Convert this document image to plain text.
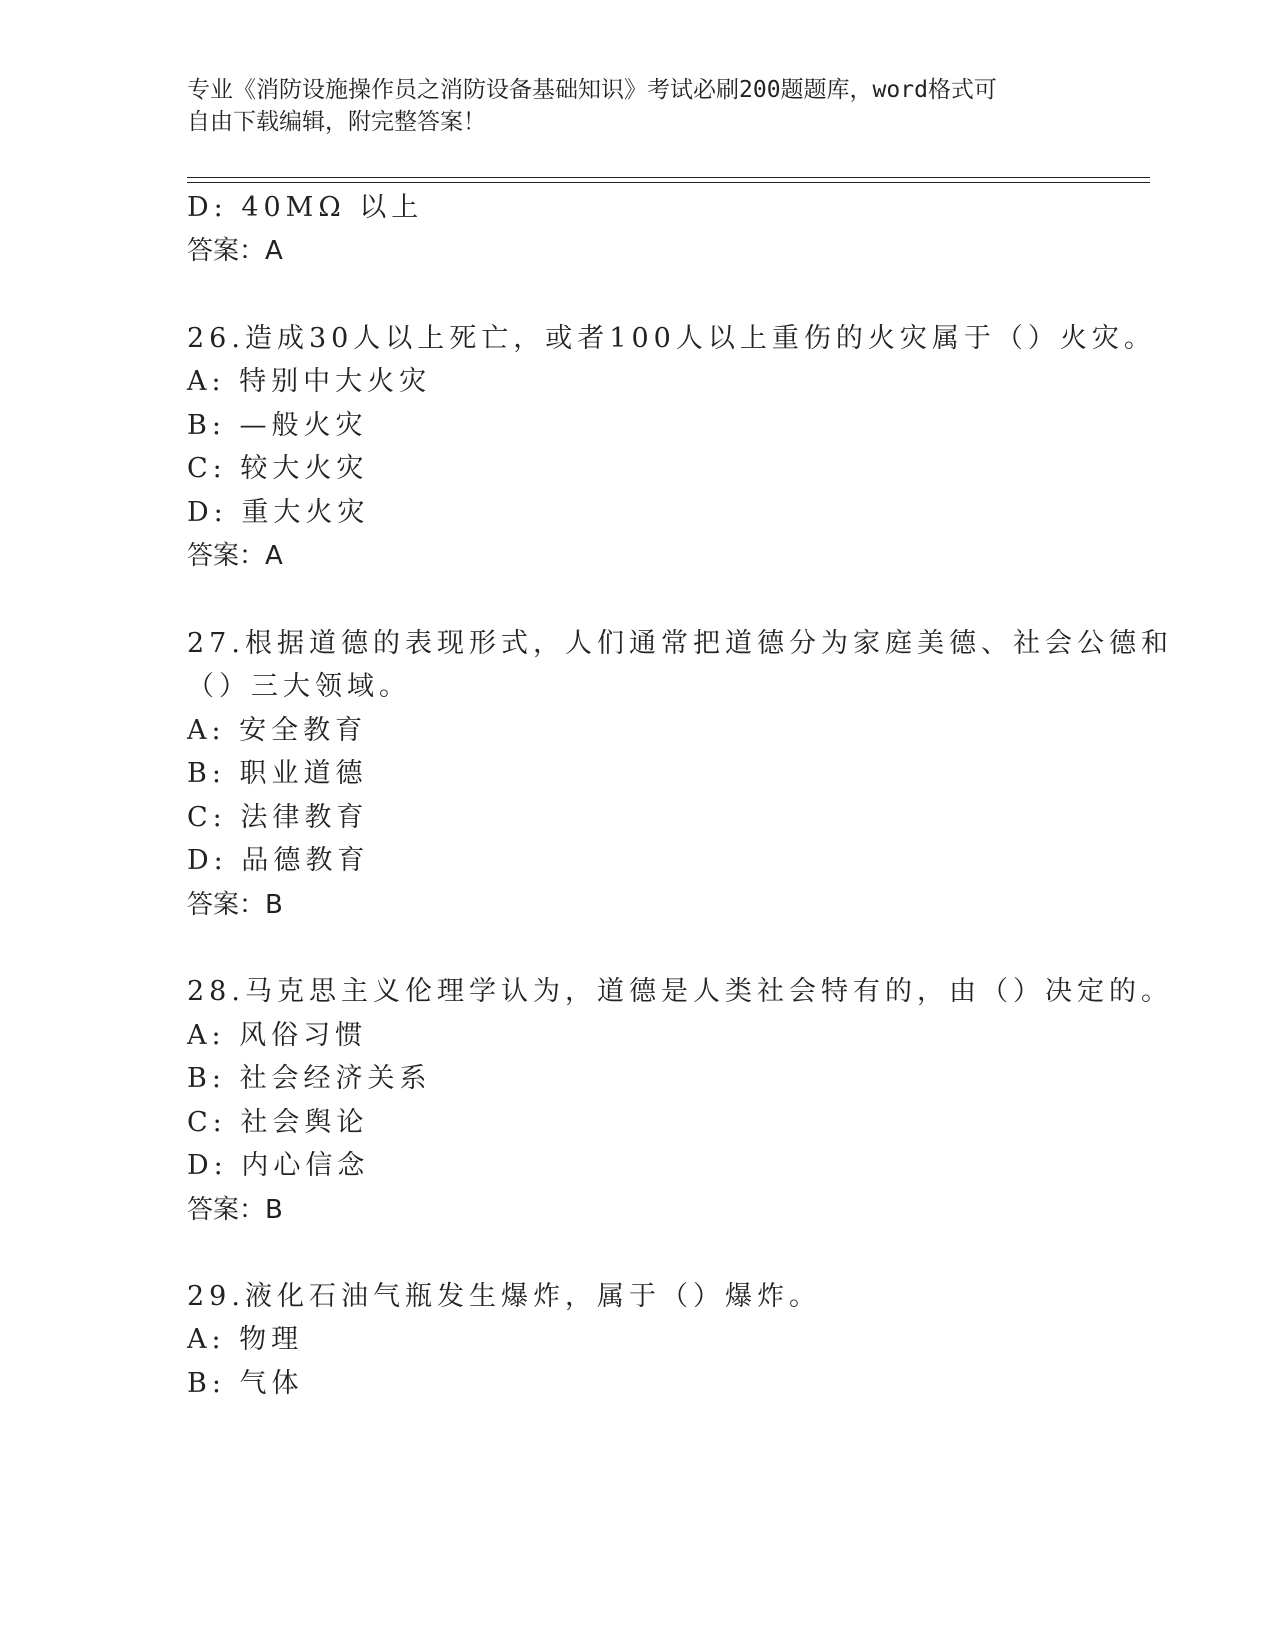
专业《消防设施操作员之消防设备基础知识》考试必刷200题题库，word格式可
自由下载编辑，附完整答案！
D: 40MΩ 以上
答案：A
26.造成30人以上死亡，或者100人以上重伤的火灾属于（）火灾。
A: 特别中大火灾
B: —般火灾
C: 较大火灾
D: 重大火灾
答案：A
27.根据道德的表现形式，人们通常把道德分为家庭美德、社会公德和
（）三大领域。
A: 安全教育
B: 职业道德
C: 法律教育
D: 品德教育
答案：B
28.马克思主义伦理学认为，道德是人类社会特有的，由（）决定的。
A: 风俗习惯
B: 社会经济关系
C: 社会舆论
D: 内心信念
答案：B
29.液化石油气瓶发生爆炸，属于（）爆炸。
A: 物理
B: 气体
